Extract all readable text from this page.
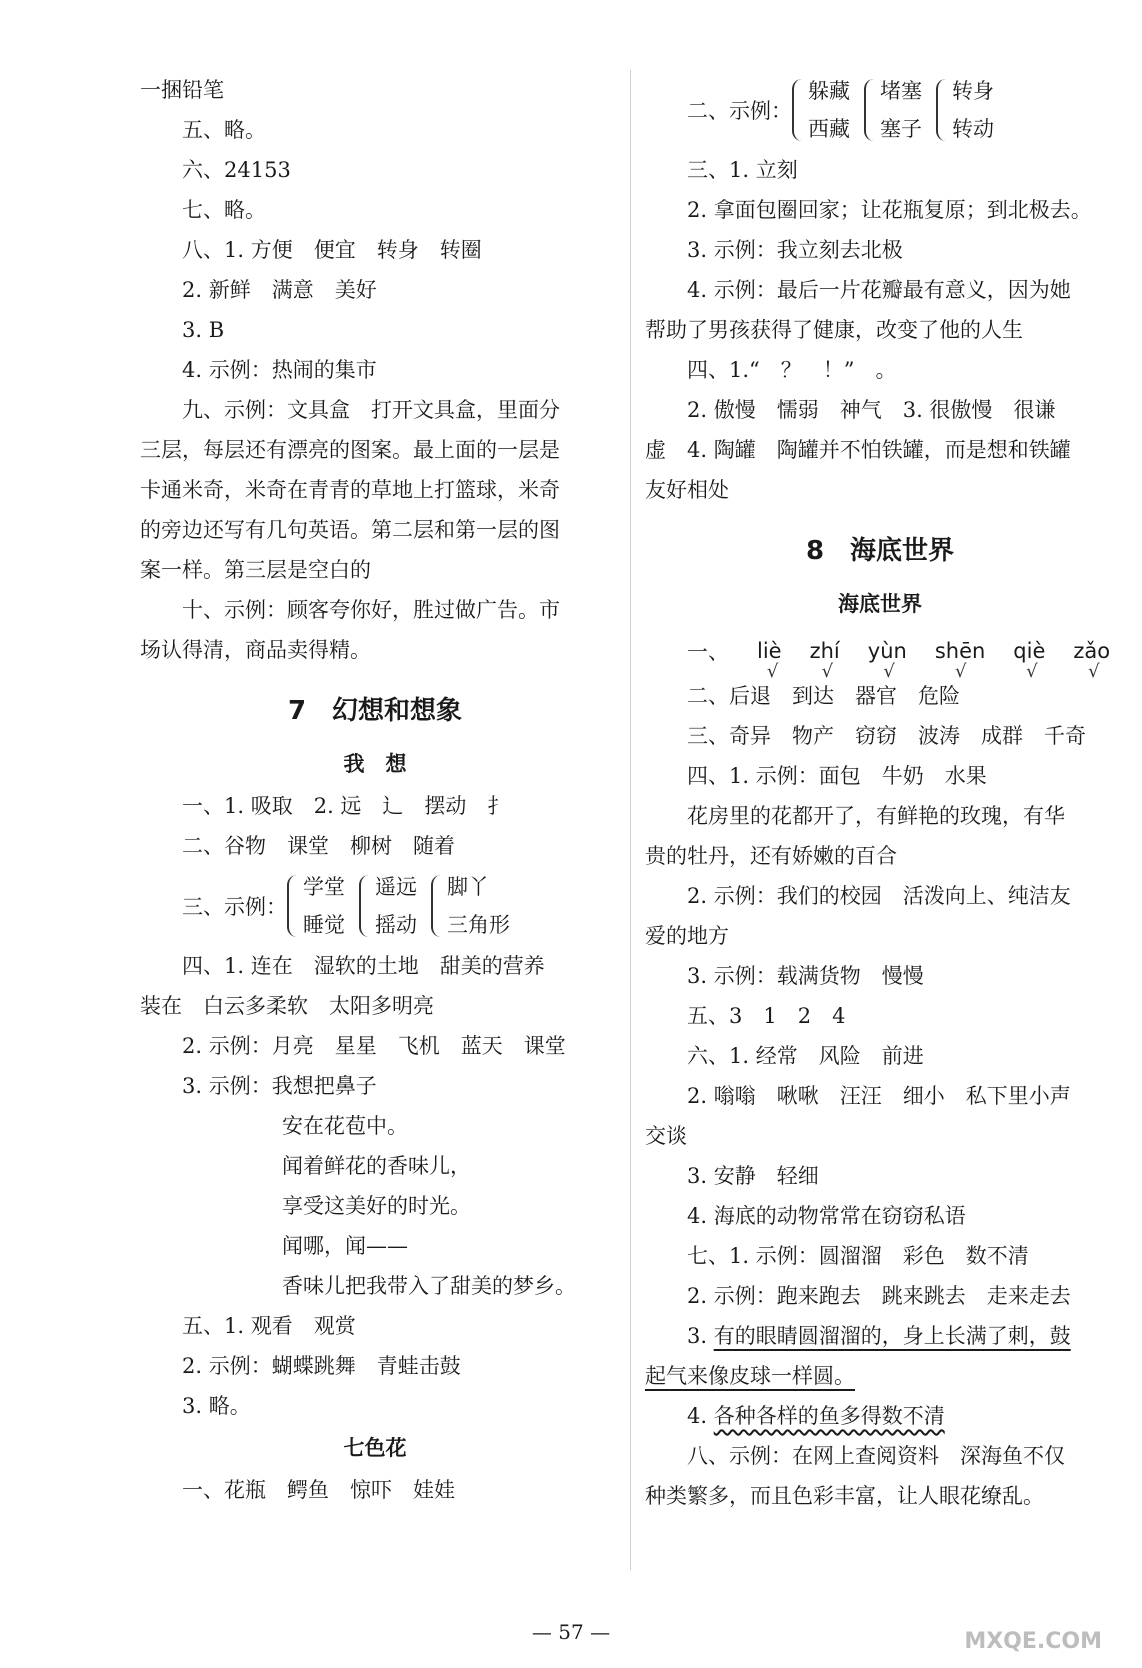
一捆铅笔
五、略。
六、24153
七、略。
八、1. 方便　便宜　转身　转圈
2. 新鲜　满意　美好
3. B
4. 示例：热闹的集市
九、示例：文具盒　打开文具盒，里面分
三层，每层还有漂亮的图案。最上面的一层是
卡通米奇，米奇在青青的草地上打篮球，米奇
的旁边还写有几句英语。第二层和第一层的图
案一样。第三层是空白的
十、示例：顾客夸你好，胜过做广告。市
场认得清，商品卖得精。
7　幻想和想象
我　想
一、1. 吸取　2. 远　辶　摆动　扌
二、谷物　课堂　柳树　随着
三、示例：
学堂
睡觉
遥远
摇动
脚丫
三角形
四、1. 连在　湿软的土地　甜美的营养
装在　白云多柔软　太阳多明亮
2. 示例：月亮　星星　飞机　蓝天　课堂
3. 示例：我想把鼻子
安在花苞中。
闻着鲜花的香味儿，
享受这美好的时光。
闻哪，闻——
香味儿把我带入了甜美的梦乡。
五、1. 观看　观赏
2. 示例：蝴蝶跳舞　青蛙击鼓
3. 略。
七色花
一、花瓶　鳄鱼　惊吓　娃娃
二、示例：
躲藏
西藏
堵塞
塞子
转身
转动
三、1. 立刻
2. 拿面包圈回家；让花瓶复原；到北极去。
3. 示例：我立刻去北极
4. 示例：最后一片花瓣最有意义，因为她
帮助了男孩获得了健康，改变了他的人生
四、1.“　？　！”　。
2. 傲慢　懦弱　神气　3. 很傲慢　很谦
虚　4. 陶罐　陶罐并不怕铁罐，而是想和铁罐
友好相处
8　海底世界
海底世界
一、 liè
√
zhí
√
yùn
√
shēn
√
qiè
√
zǎo
√
二、后退　到达　器官　危险
三、奇异　物产　窃窃　波涛　成群　千奇
四、1. 示例：面包　牛奶　水果
花房里的花都开了，有鲜艳的玫瑰，有华
贵的牡丹，还有娇嫩的百合
2. 示例：我们的校园　活泼向上、纯洁友
爱的地方
3. 示例：载满货物　慢慢
五、3　1　2　4
六、1. 经常　风险　前进
2. 嗡嗡　啾啾　汪汪　细小　私下里小声
交谈
3. 安静　轻细
4. 海底的动物常常在窃窃私语
七、1. 示例：圆溜溜　彩色　数不清
2. 示例：跑来跑去　跳来跳去　走来走去
3. 有的眼睛圆溜溜的，身上长满了刺，鼓
起气来像皮球一样圆。
4. 各种各样的鱼多得数不清
八、示例：在网上查阅资料　深海鱼不仅
种类繁多，而且色彩丰富，让人眼花缭乱。
— 57 —	MXQE.COM
